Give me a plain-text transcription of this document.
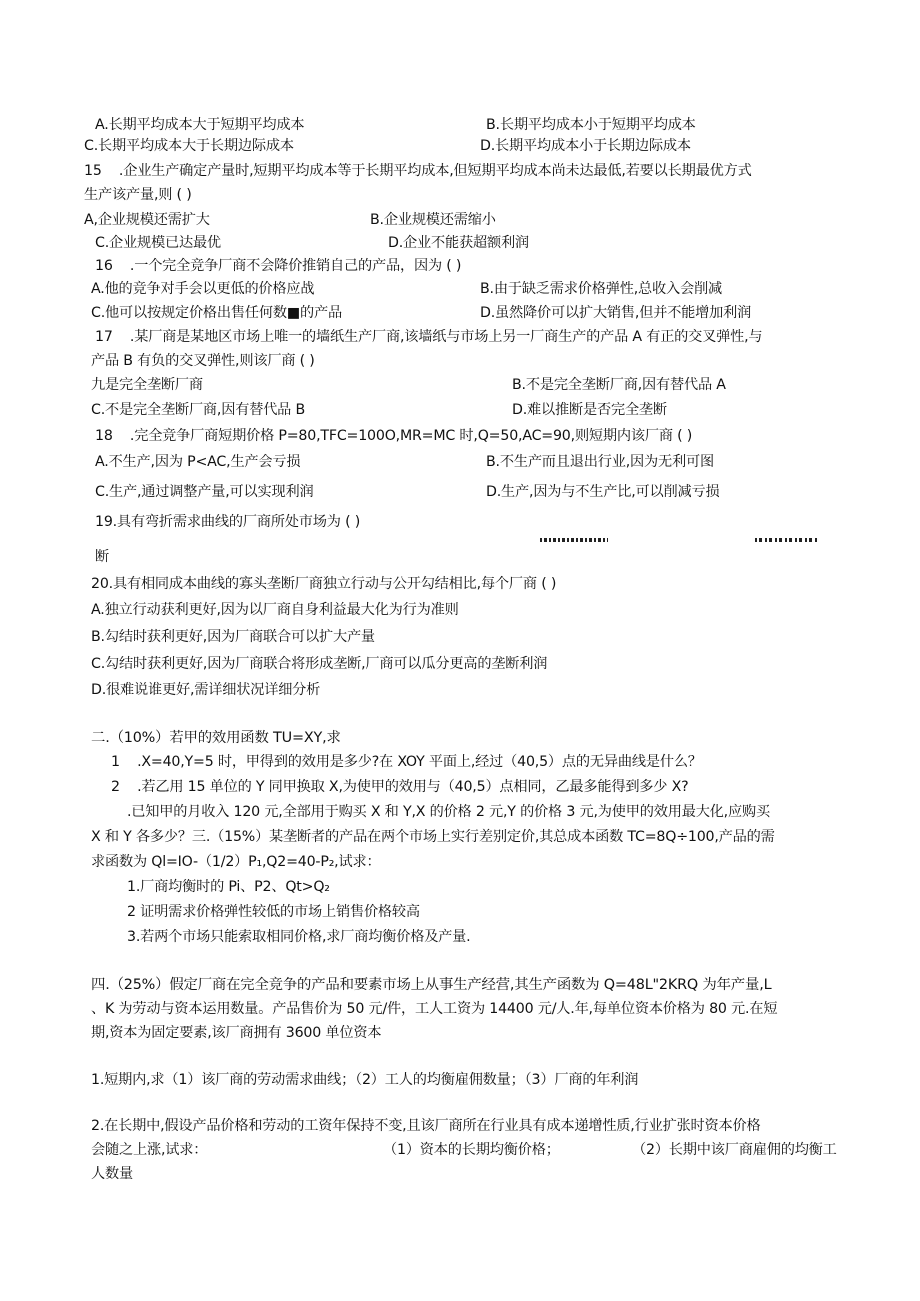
A.长期平均成本大于短期平均成本	B.长期平均成本小于短期平均成本
C.长期平均成本大于长期边际成本	D.长期平均成本小于长期边际成本
15    .企业生产确定产量时,短期平均成本等于长期平均成本,但短期平均成本尚未达最低,若要以长期最优方式
生产该产量,则 ( )
A,企业规模还需扩大	B.企业规模还需缩小
C.企业规模已达最优	D.企业不能获超额利润
16    .一个完全竞争厂商不会降价推销自己的产品，因为 ( )
A.他的竞争对手会以更低的价格应战	B.由于缺乏需求价格弹性,总收入会削减
C.他可以按规定价格出售任何数■的产品	D.虽然降价可以扩大销售,但并不能增加利润
17    .某厂商是某地区市场上唯一的墙纸生产厂商,该墙纸与市场上另一厂商生产的产品 A 有正的交叉弹性,与
产品 B 有负的交叉弹性,则该厂商 ( )
九是完全垄断厂商	B.不是完全垄断厂商,因有替代品 A
C.不是完全垄断厂商,因有替代品 B	D.难以推断是否完全垄断
18    .完全竞争厂商短期价格 P=80,TFC=100O,MR=MC 时,Q=50,AC=90,则短期内该厂商 ( )
A.不生产,因为 P<AC,生产会亏损	B.不生产而且退出行业,因为无利可图
C.生产,通过调整产量,可以实现利润	D.生产,因为与不生产比,可以削减亏损
19.具有弯折需求曲线的厂商所处市场为 ( )
断
20.具有相同成本曲线的寡头垄断厂商独立行动与公开勾结相比,每个厂商 ( )
A.独立行动获利更好,因为以厂商自身利益最大化为行为准则
B.勾结时获利更好,因为厂商联合可以扩大产量
C.勾结时获利更好,因为厂商联合将形成垄断,厂商可以瓜分更高的垄断利润
D.很难说谁更好,需详细状况详细分析
二.（10%）若甲的效用函数 TU=XY,求
1    .X=40,Y=5 时，甲得到的效用是多少?在 XOY 平面上,经过（40,5）点的无异曲线是什么？
2    .若乙用 15 单位的 Y 同甲换取 X,为使甲的效用与（40,5）点相同，乙最多能得到多少 X?
.已知甲的月收入 120 元,全部用于购买 X 和 Y,X 的价格 2 元,Y 的价格 3 元,为使甲的效用最大化,应购买
X 和 Y 各多少？三.（15%）某垄断者的产品在两个市场上实行差别定价,其总成本函数 TC=8Q÷100,产品的需
求函数为 Ql=IO-（1/2）P₁,Q2=40-P₂,试求：
1.厂商均衡时的 Pi、P2、Qt>Q₂
2 证明需求价格弹性较低的市场上销售价格较高
3.若两个市场只能索取相同价格,求厂商均衡价格及产量.
四.（25%）假定厂商在完全竞争的产品和要素市场上从事生产经营,其生产函数为 Q=48L"2KRQ 为年产量,L
、K 为劳动与资本运用数量。产品售价为 50 元/件，工人工资为 14400 元/人.年,每单位资本价格为 80 元.在短
期,资本为固定要素,该厂商拥有 3600 单位资本
1.短期内,求（1）该厂商的劳动需求曲线；（2）工人的均衡雇佣数量；（3）厂商的年利润
2.在长期中,假设产品价格和劳动的工资年保持不变,且该厂商所在行业具有成本递增性质,行业扩张时资本价格
会随之上涨,试求：	（1）资本的长期均衡价格；	（2）长期中该厂商雇佣的均衡工
人数量
